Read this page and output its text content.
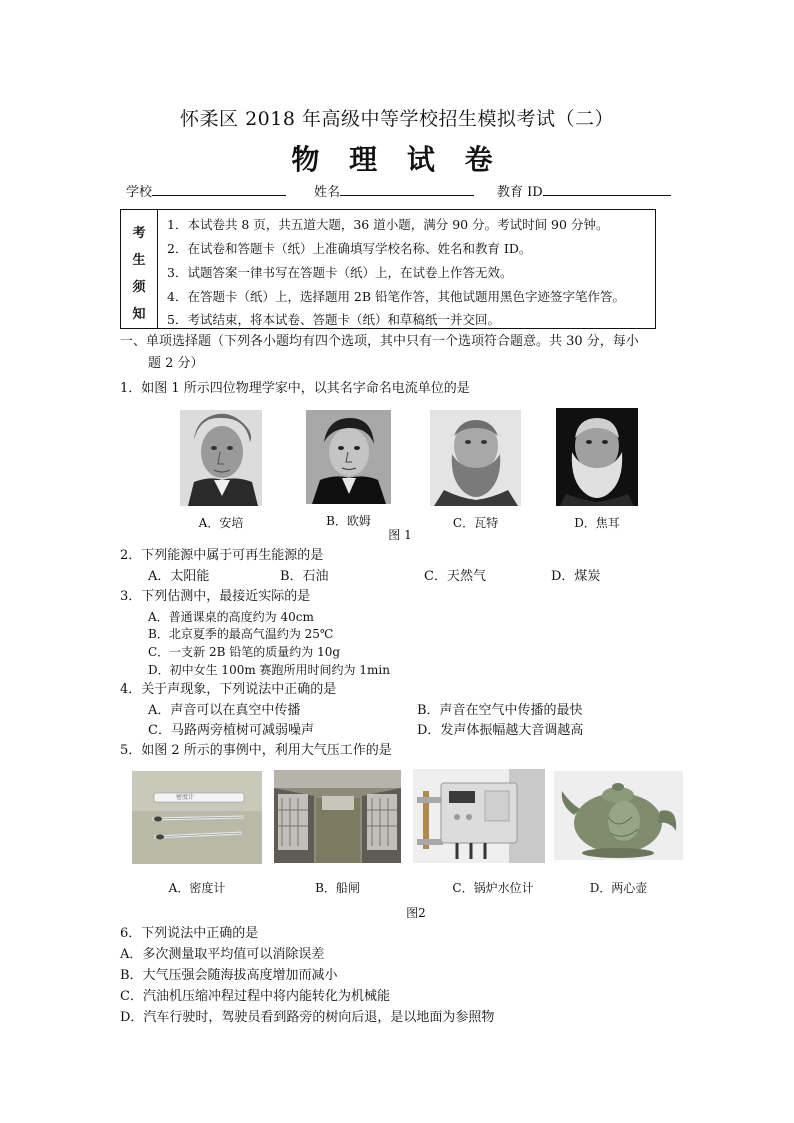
怀柔区 2018 年高级中等学校招生模拟考试（二）
物 理 试 卷
学校	姓名	教育 ID
考
生
须
知
1．本试卷共 8 页，共五道大题，36 道小题，满分 90 分。考试时间 90 分钟。
2．在试卷和答题卡（纸）上准确填写学校名称、姓名和教育 ID。
3．试题答案一律书写在答题卡（纸）上，在试卷上作答无效。
4．在答题卡（纸）上，选择题用 2B 铅笔作答，其他试题用黑色字迹签字笔作答。
5．考试结束，将本试卷、答题卡（纸）和草稿纸一并交回。
一、单项选择题（下列各小题均有四个选项，其中只有一个选项符合题意。共 30 分，每小
题 2 分）
1．如图 1 所示四位物理学家中，以其名字命名电流单位的是
A．安培	B．欧姆	C．瓦特	D．焦耳
图 1
2．下列能源中属于可再生能源的是
A．太阳能	B．石油	C．天然气	D．煤炭
3．下列估测中，最接近实际的是
A．普通课桌的高度约为 40cm
B．北京夏季的最高气温约为 25℃
C．一支新 2B 铅笔的质量约为 10g
D．初中女生 100m 赛跑所用时间约为 1min
4．关于声现象，下列说法中正确的是
A．声音可以在真空中传播	B．声音在空气中传播的最快
C．马路两旁植树可减弱噪声	D．发声体振幅越大音调越高
5．如图 2 所示的事例中，利用大气压工作的是
密度计
A．密度计	B．船闸	C．锅炉水位计	D．两心壶
图2
6．下列说法中正确的是
A．多次测量取平均值可以消除误差
B．大气压强会随海拔高度增加而减小
C．汽油机压缩冲程过程中将内能转化为机械能
D．汽车行驶时，驾驶员看到路旁的树向后退，是以地面为参照物
